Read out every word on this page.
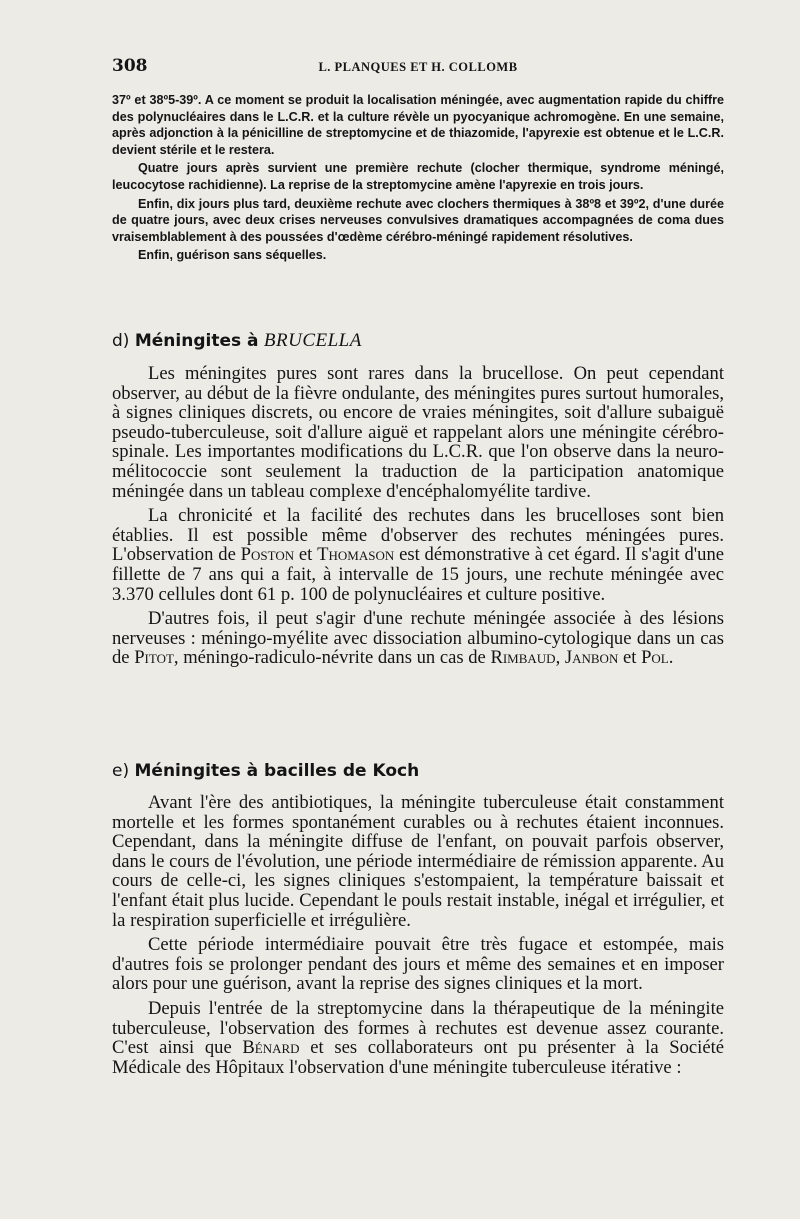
308	L. PLANQUES ET H. COLLOMB

37º et 38º5-39º. A ce moment se produit la localisation méningée, avec augmentation rapide du chiffre des polynucléaires dans le L.C.R. et la culture révèle un pyocyanique achromogène. En une semaine, après adjonction à la pénicilline de streptomycine et de thiazomide, l'apyrexie est obtenue et le L.C.R. devient stérile et le restera.

Quatre jours après survient une première rechute (clocher thermique, syndrome méningé, leucocytose rachidienne). La reprise de la streptomycine amène l'apyrexie en trois jours.

Enfin, dix jours plus tard, deuxième rechute avec clochers thermiques à 38º8 et 39º2, d'une durée de quatre jours, avec deux crises nerveuses convulsives dramatiques accompagnées de coma dues vraisemblablement à des poussées d'œdème cérébro-méningé rapidement résolutives.

Enfin, guérison sans séquelles.

d) Méningites à BRUCELLA

Les méningites pures sont rares dans la brucellose. On peut cependant observer, au début de la fièvre ondulante, des méningites pures surtout humorales, à signes cliniques discrets, ou encore de vraies méningites, soit d'allure subaiguë pseudo-tuberculeuse, soit d'allure aiguë et rappelant alors une méningite cérébro-spinale. Les importantes modifications du L.C.R. que l'on observe dans la neuro-mélitococcie sont seulement la traduction de la participation anatomique méningée dans un tableau complexe d'encéphalomyélite tardive.

La chronicité et la facilité des rechutes dans les brucelloses sont bien établies. Il est possible même d'observer des rechutes méningées pures. L'observation de Poston et Thomason est démonstrative à cet égard. Il s'agit d'une fillette de 7 ans qui a fait, à intervalle de 15 jours, une rechute méningée avec 3.370 cellules dont 61 p. 100 de polynucléaires et culture positive.

D'autres fois, il peut s'agir d'une rechute méningée associée à des lésions nerveuses : méningo-myélite avec dissociation albumino-cytologique dans un cas de Pitot, méningo-radiculo-névrite dans un cas de Rimbaud, Janbon et Pol.

e) Méningites à bacilles de Koch

Avant l'ère des antibiotiques, la méningite tuberculeuse était constamment mortelle et les formes spontanément curables ou à rechutes étaient inconnues. Cependant, dans la méningite diffuse de l'enfant, on pouvait parfois observer, dans le cours de l'évolution, une période intermédiaire de rémission apparente. Au cours de celle-ci, les signes cliniques s'estompaient, la température baissait et l'enfant était plus lucide. Cependant le pouls restait instable, inégal et irrégulier, et la respiration superficielle et irrégulière.

Cette période intermédiaire pouvait être très fugace et estompée, mais d'autres fois se prolonger pendant des jours et même des semaines et en imposer alors pour une guérison, avant la reprise des signes cliniques et la mort.

Depuis l'entrée de la streptomycine dans la thérapeutique de la méningite tuberculeuse, l'observation des formes à rechutes est devenue assez courante. C'est ainsi que Bénard et ses collaborateurs ont pu présenter à la Société Médicale des Hôpitaux l'observation d'une méningite tuberculeuse itérative :
